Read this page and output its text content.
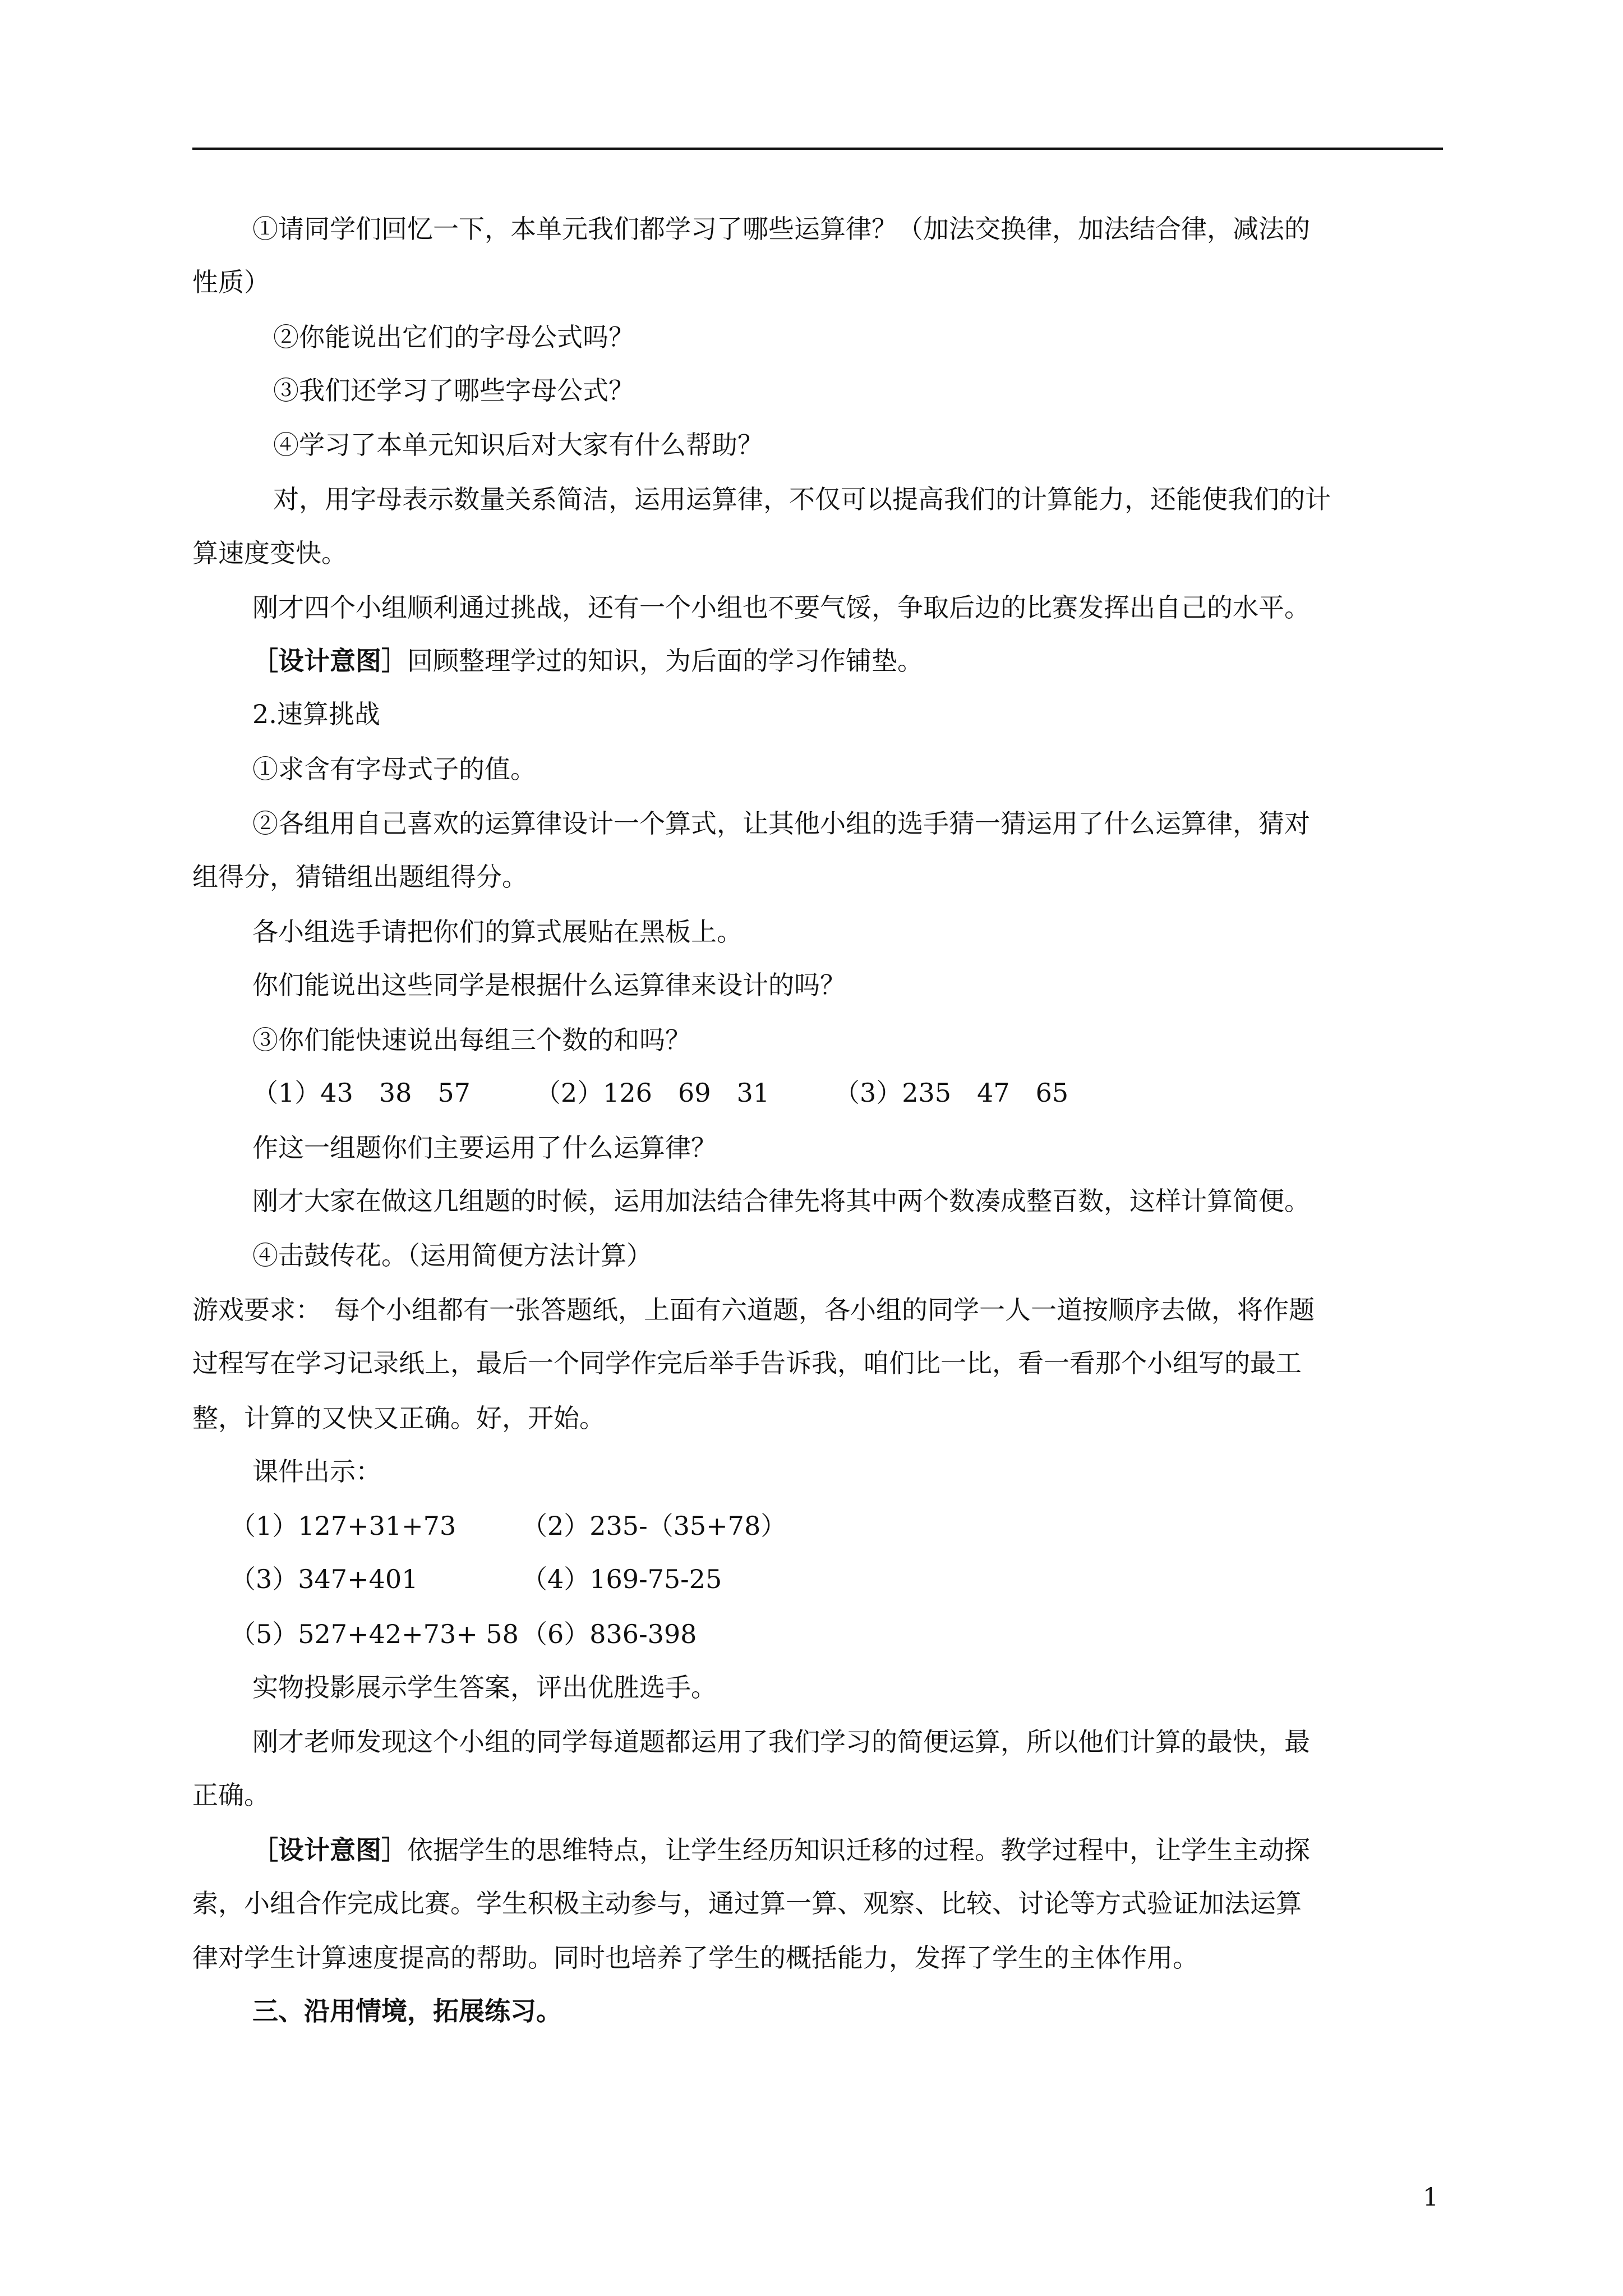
①请同学们回忆一下，本单元我们都学习了哪些运算律？（加法交换律，加法结合律，减法的
性质）
②你能说出它们的字母公式吗？
③我们还学习了哪些字母公式？
④学习了本单元知识后对大家有什么帮助？
对，用字母表示数量关系简洁，运用运算律，不仅可以提高我们的计算能力，还能使我们的计
算速度变快。
刚才四个小组顺利通过挑战，还有一个小组也不要气馁，争取后边的比赛发挥出自己的水平。
［设计意图］回顾整理学过的知识，为后面的学习作铺垫。
2.速算挑战
①求含有字母式子的值。
②各组用自己喜欢的运算律设计一个算式，让其他小组的选手猜一猜运用了什么运算律，猜对
组得分，猜错组出题组得分。
各小组选手请把你们的算式展贴在黑板上。
你们能说出这些同学是根据什么运算律来设计的吗？
③你们能快速说出每组三个数的和吗？
（1）43　38　57　　　（2）126　69　31　　　（3）235　47　65
作这一组题你们主要运用了什么运算律？
刚才大家在做这几组题的时候，运用加法结合律先将其中两个数凑成整百数，这样计算简便。
④击鼓传花。（运用简便方法计算）
游戏要求：　每个小组都有一张答题纸，上面有六道题，各小组的同学一人一道按顺序去做，将作题
过程写在学习记录纸上，最后一个同学作完后举手告诉我，咱们比一比，看一看那个小组写的最工
整，计算的又快又正确。好，开始。
课件出示：
（1）127+31+73	（2）235-（35+78）
（3）347+401	（4）169-75-25
（5）527+42+73+ 58 （6）836-398
实物投影展示学生答案，评出优胜选手。
刚才老师发现这个小组的同学每道题都运用了我们学习的简便运算，所以他们计算的最快，最
正确。
［设计意图］依据学生的思维特点，让学生经历知识迁移的过程。教学过程中，让学生主动探
索，小组合作完成比赛。学生积极主动参与，通过算一算、观察、比较、讨论等方式验证加法运算
律对学生计算速度提高的帮助。同时也培养了学生的概括能力，发挥了学生的主体作用。
三、沿用情境，拓展练习。
1
